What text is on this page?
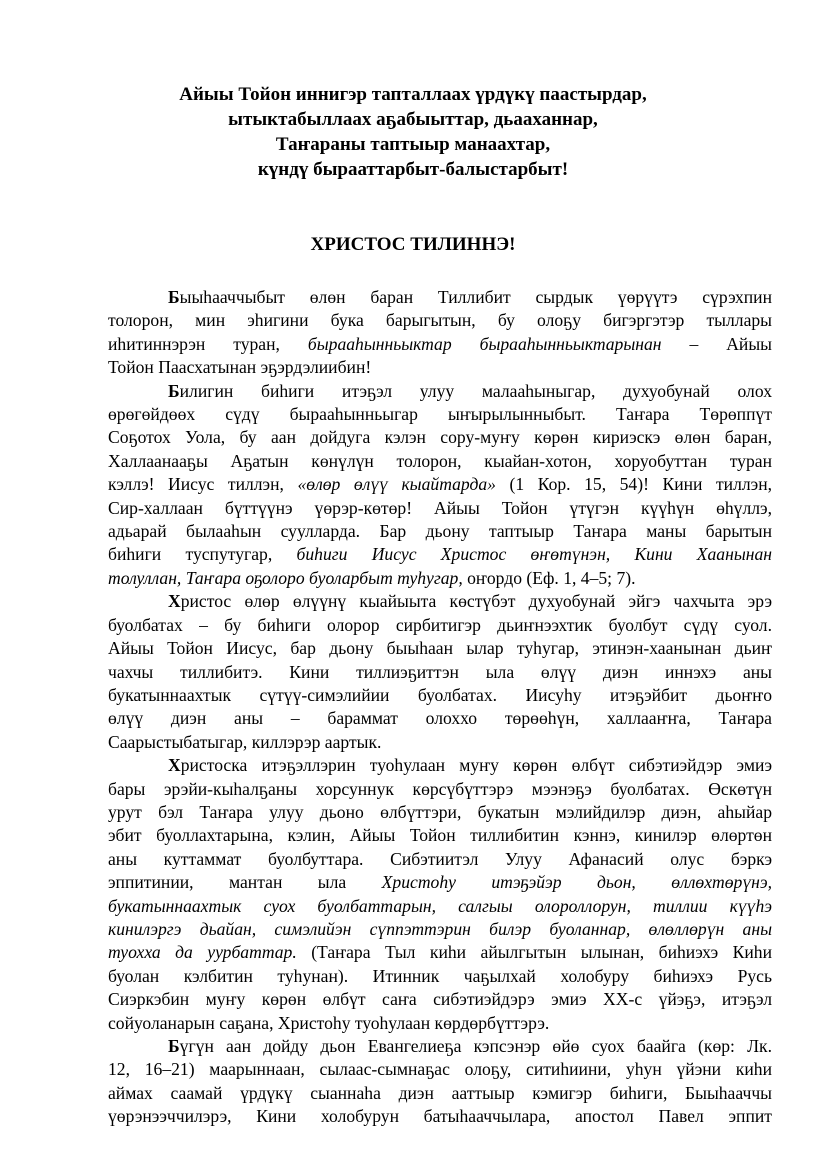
Айыы Тойон иннигэр тапталлаах үрдүкү паастырдар,
ытыктабыллаах аҕабыыттар, дьааханнар,
Таҥараны таптыыр манаахтар,
күндү бырааттарбыт-балыстарбыт!
ХРИСТОС ТИЛИННЭ!
Быыһааччыбыт өлөн баран Тиллибит сырдык үөрүүтэ сүрэхпин
толорон, мин эһигини бука барыгытын, бу олоҕу бигэргэтэр тыллары
иһитиннэрэн туран, бырааһынньыктар бырааһынньыктарынан – Айыы
Тойон Паасхатынан эҕэрдэлиибин!
Билигин биһиги итэҕэл улуу малааһыныгар, духуобунай олох
өрөгөйдөөх сүдү бырааһынньыгар ыҥырылынныбыт. Таҥара Төрөппүт
Соҕотох Уола, бу аан дойдуга кэлэн сору-муҥу көрөн кириэскэ өлөн баран,
Халлаанааҕы Аҕатын көнүлүн толорон, кыайан-хотон, хоруобуттан туран
кэллэ! Иисус тиллэн, «өлөр өлүү кыайтарда» (1 Кор. 15, 54)! Кини тиллэн,
Сир-халлаан бүттүүнэ үөрэр-көтөр! Айыы Тойон үтүгэн күүһүн өһүллэ,
адьарай былааһын суулларда. Бар дьону таптыыр Таҥара маны барытын
биһиги туспутугар, биһиги Иисус Христос өҥөтүнэн, Кини Хаанынан
толуллан, Таҥара оҕолоро буоларбыт туһугар, оҥордо (Еф. 1, 4–5; 7).
Христос өлөр өлүүнү кыайыыта көстүбэт духуобунай эйгэ чахчыта эрэ
буолбатах – бу биһиги олорор сирбитигэр дьиҥнээхтик буолбут сүдү суол.
Айыы Тойон Иисус, бар дьону быыһаан ылар туһугар, этинэн-хаанынан дьиҥ
чахчы тиллибитэ. Кини тиллиэҕиттэн ыла өлүү диэн иннэхэ аны
букатыннаахтык сүтүү-симэлийии буолбатах. Иисуһу итэҕэйбит дьоҥҥо
өлүү диэн аны – бараммат олоххо төрөөһүн, халлааҥҥа, Таҥара
Саарыстыбатыгар, киллэрэр аартык.
Христоска итэҕэллэрин туоһулаан муҥу көрөн өлбүт сибэтиэйдэр эмиэ
бары эрэйи-кыһалҕаны хорсуннук көрсүбүттэрэ мээнэҕэ буолбатах. Өскөтүн
урут бэл Таҥара улуу дьоно өлбүттэри, букатын мэлийдилэр диэн, аһыйар
эбит буоллахтарына, кэлин, Айыы Тойон тиллибитин кэннэ, кинилэр өлөртөн
аны куттаммат буолбуттара. Сибэтиитэл Улуу Афанасий олус бэркэ
эппитинии, мантан ыла Христоһу итэҕэйэр дьон, өллөхтөрүнэ,
букатыннаахтык суох буолбаттарын, салгыы олороллорун, тиллии күүһэ
кинилэргэ дьайан, симэлийэн сүппэттэрин билэр буоланнар, өлөллөрүн аны
туохха да уурбаттар. (Таҥара Тыл киһи айылгытын ылынан, биһиэхэ Киһи
буолан кэлбитин туһунан). Итинник чаҕылхай холобуру биһиэхэ Русь
Сиэркэбин муҥу көрөн өлбүт саҥа сибэтиэйдэрэ эмиэ ХХ-с үйэҕэ, итэҕэл
сойуоланарын саҕана, Христоһу туоһулаан көрдөрбүттэрэ.
Бүгүн аан дойду дьон Евангелиеҕа кэпсэнэр өйө суох баайга (көр: Лк.
12, 16–21) маарыннаан, сылаас-сымнаҕас олоҕу, ситиһиини, уһун үйэни киһи
аймах саамай үрдүкү сыаннаһа диэн ааттыыр кэмигэр биһиги, Быыһааччы
үөрэнээччилэрэ, Кини холобурун батыһааччылара, апостол Павел эппит
